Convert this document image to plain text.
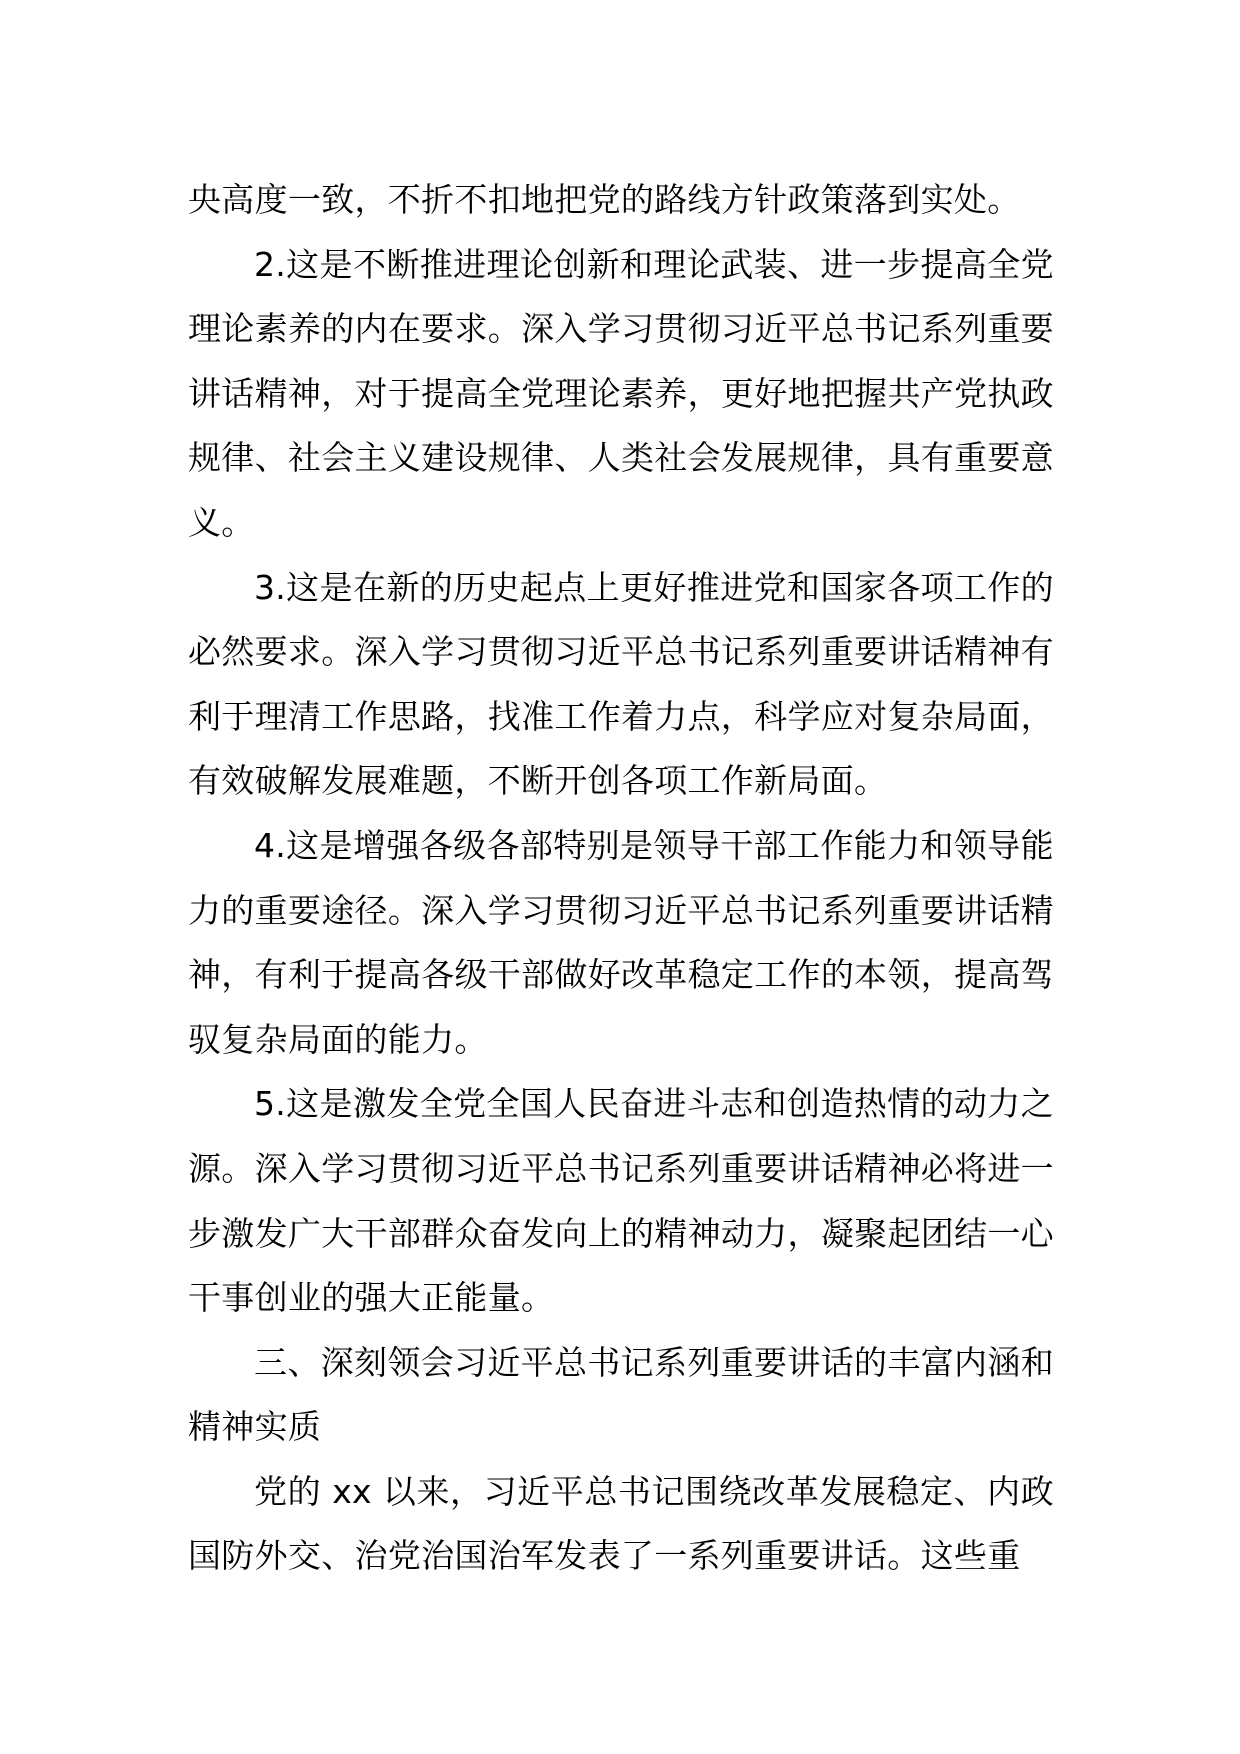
央高度一致，不折不扣地把党的路线方针政策落到实处。

2.这是不断推进理论创新和理论武装、进一步提高全党理论素养的内在要求。深入学习贯彻习近平总书记系列重要讲话精神，对于提高全党理论素养，更好地把握共产党执政规律、社会主义建设规律、人类社会发展规律，具有重要意义。

3.这是在新的历史起点上更好推进党和国家各项工作的必然要求。深入学习贯彻习近平总书记系列重要讲话精神有利于理清工作思路，找准工作着力点，科学应对复杂局面，有效破解发展难题，不断开创各项工作新局面。

4.这是增强各级各部特别是领导干部工作能力和领导能力的重要途径。深入学习贯彻习近平总书记系列重要讲话精神，有利于提高各级干部做好改革稳定工作的本领，提高驾驭复杂局面的能力。

5.这是激发全党全国人民奋进斗志和创造热情的动力之源。深入学习贯彻习近平总书记系列重要讲话精神必将进一步激发广大干部群众奋发向上的精神动力，凝聚起团结一心干事创业的强大正能量。

三、深刻领会习近平总书记系列重要讲话的丰富内涵和精神实质

党的 xx 以来，习近平总书记围绕改革发展稳定、内政国防外交、治党治国治军发表了一系列重要讲话。这些重
